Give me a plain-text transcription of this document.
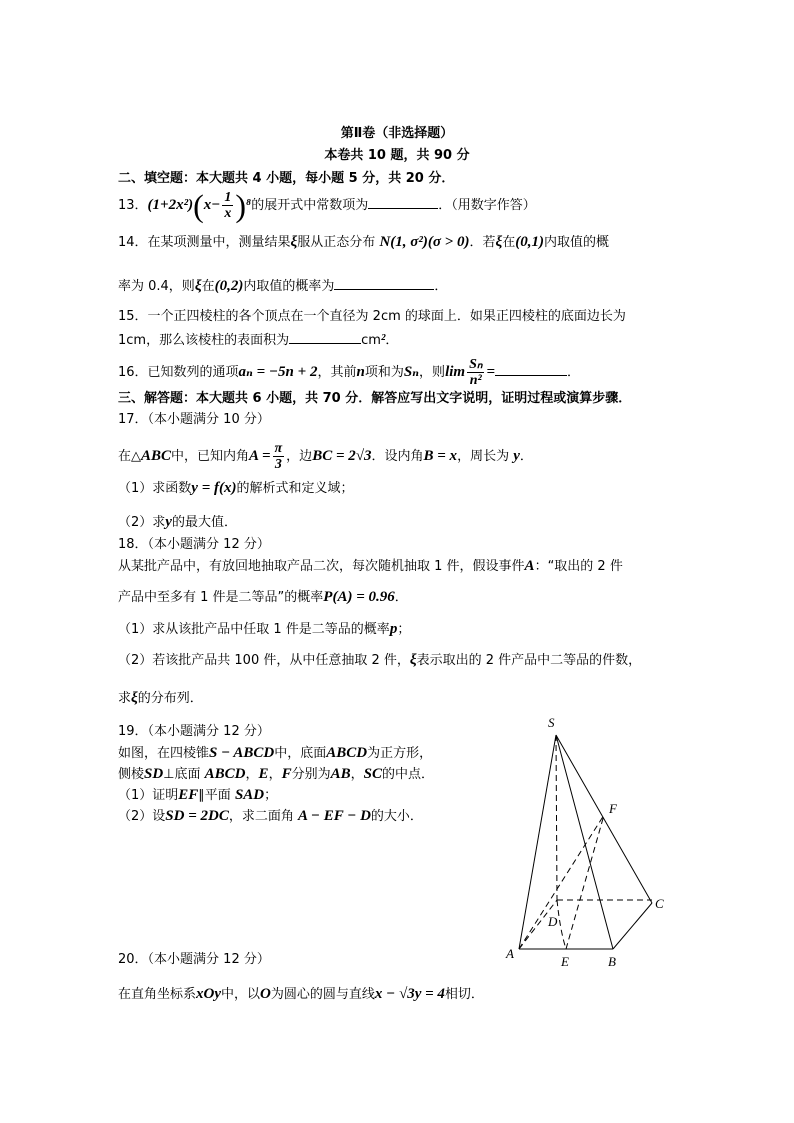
第Ⅱ卷（非选择题）
本卷共 10 题，共 90 分
二、填空题：本大题共 4 小题，每小题 5 分，共 20 分．
13．$(1+2x^2)(x- \frac{1}{x} )^8$的展开式中常数项为	．（用数字作答）
14．在某项测量中，测量结果ξ服从正态分布 N(1, σ²)(σ > 0)．若ξ在(0,1)内取值的概
率为 0.4，则ξ在(0,2)内取值的概率为	．
15．一个正四棱柱的各个顶点在一个直径为 2cm 的球面上．如果正四棱柱的底面边长为
1cm，那么该棱柱的表面积为	cm²．
16．已知数列的通项aₙ = −5n + 2，其前n项和为Sₙ，则$\lim \frac{\text{Sₙ}}{\text{n²}}$ =	．
三、解答题：本大题共 6 小题，共 70 分．解答应写出文字说明，证明过程或演算步骤．
17．（本小题满分 10 分）
在△ABC中，已知内角$A = \frac{\pi}{3}$ ，边BC = 2√3．设内角B = x，周长为 y．
（1）求函数y = f(x)的解析式和定义域；
（2）求y的最大值．
18．（本小题满分 12 分）
从某批产品中，有放回地抽取产品二次，每次随机抽取 1 件，假设事件A：“取出的 2 件
产品中至多有 1 件是二等品”的概率P(A) = 0.96．
（1）求从该批产品中任取 1 件是二等品的概率p；
（2）若该批产品共 100 件，从中任意抽取 2 件，ξ表示取出的 2 件产品中二等品的件数，
求ξ的分布列．
19．（本小题满分 12 分）
如图，在四棱锥S − ABCD中，底面ABCD为正方形，
侧棱SD⊥底面 ABCD，E，F分别为AB，SC的中点．
（1）证明EF∥平面 SAD；
（2）设SD = 2DC，求二面角 A − EF − D的大小．
20．（本小题满分 12 分）
在直角坐标系xOy中，以O为圆心的圆与直线x − √3y = 4相切．
S
A
B
C
D
E
F
